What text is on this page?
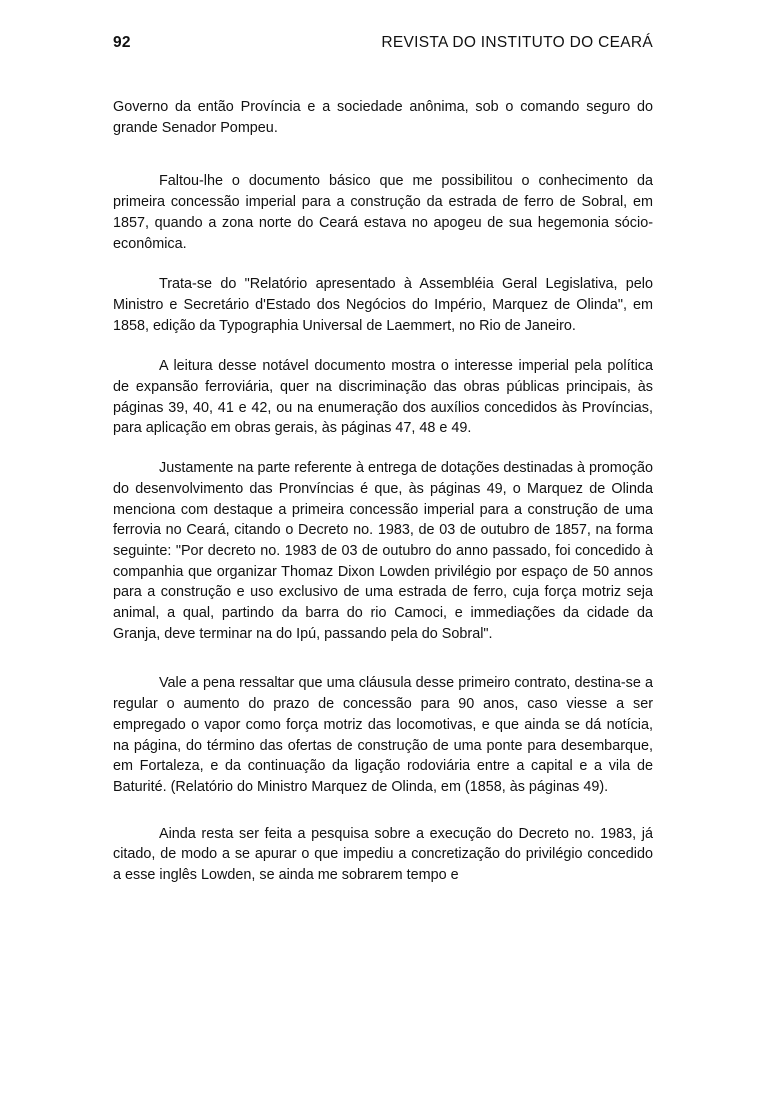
92	REVISTA DO INSTITUTO DO CEARÁ

Governo da então Província e a sociedade anônima, sob o comando seguro do grande Senador Pompeu.

Faltou-lhe o documento básico que me possibilitou o conhecimento da primeira concessão imperial para a construção da estrada de ferro de Sobral, em 1857, quando a zona norte do Ceará estava no apogeu de sua hegemonia sócio-econômica.

Trata-se do "Relatório apresentado à Assembléia Geral Legislativa, pelo Ministro e Secretário d'Estado dos Negócios do Império, Marquez de Olinda", em 1858, edição da Typographia Universal de Laemmert, no Rio de Janeiro.

A leitura desse notável documento mostra o interesse imperial pela política de expansão ferroviária, quer na discriminação das obras públicas principais, às páginas 39, 40, 41 e 42, ou na enumeração dos auxílios concedidos às Províncias, para aplicação em obras gerais, às páginas 47, 48 e 49.

Justamente na parte referente à entrega de dotações destinadas à promoção do desenvolvimento das Pronvíncias é que, às páginas 49, o Marquez de Olinda menciona com destaque a primeira concessão imperial para a construção de uma ferrovia no Ceará, citando o Decreto no. 1983, de 03 de outubro de 1857, na forma seguinte: "Por decreto no. 1983 de 03 de outubro do anno passado, foi concedido à companhia que organizar Thomaz Dixon Lowden privilégio por espaço de 50 annos para a construção e uso exclusivo de uma estrada de ferro, cuja força motriz seja animal, a qual, partindo da barra do rio Camoci, e immediações da cidade da Granja, deve terminar na do Ipú, passando pela do Sobral".

Vale a pena ressaltar que uma cláusula desse primeiro contrato, destina-se a regular o aumento do prazo de concessão para 90 anos, caso viesse a ser empregado o vapor como força motriz das locomotivas, e que ainda se dá notícia, na página, do término das ofertas de construção de uma ponte para desembarque, em Fortaleza, e da continuação da ligação rodoviária entre a capital e a vila de Baturité. (Relatório do Ministro Marquez de Olinda, em (1858, às páginas 49).

Ainda resta ser feita a pesquisa sobre a execução do Decreto no. 1983, já citado, de modo a se apurar o que impediu a concretização do privilégio concedido a esse inglês Lowden, se ainda me sobrarem tempo e
